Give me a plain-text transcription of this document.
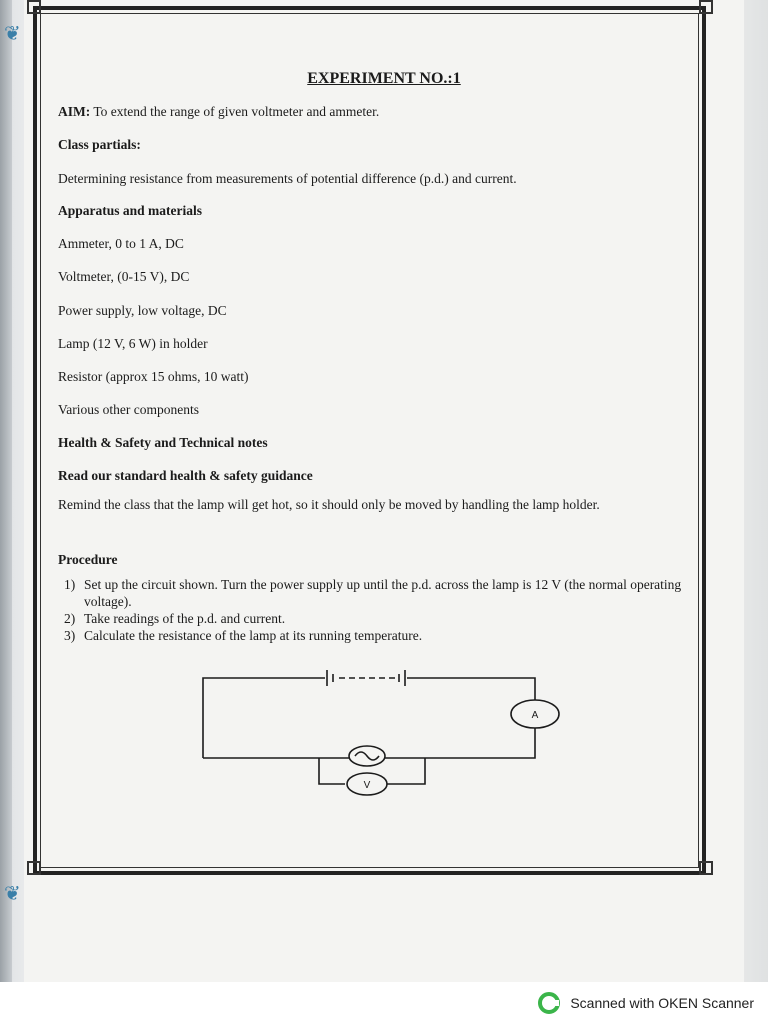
❦
❦
EXPERIMENT NO.:1
AIM: To extend the range of given voltmeter and ammeter.
Class partials:
Determining resistance from measurements of potential difference (p.d.) and current.
Apparatus and materials
Ammeter, 0 to 1 A, DC
Voltmeter, (0-15 V), DC
Power supply, low voltage, DC
Lamp (12 V, 6 W) in holder
Resistor (approx 15 ohms, 10 watt)
Various other components
Health & Safety and Technical notes
Read our standard health & safety guidance
Remind the class that the lamp will get hot, so it should only be moved by handling the lamp holder.
Procedure
1) Set up the circuit shown. Turn the power supply up until the p.d. across the lamp is 12 V (the normal operating voltage).
2) Take readings of the p.d. and current.
3) Calculate the resistance of the lamp at its running temperature.
A
V
Scanned with OKEN Scanner
